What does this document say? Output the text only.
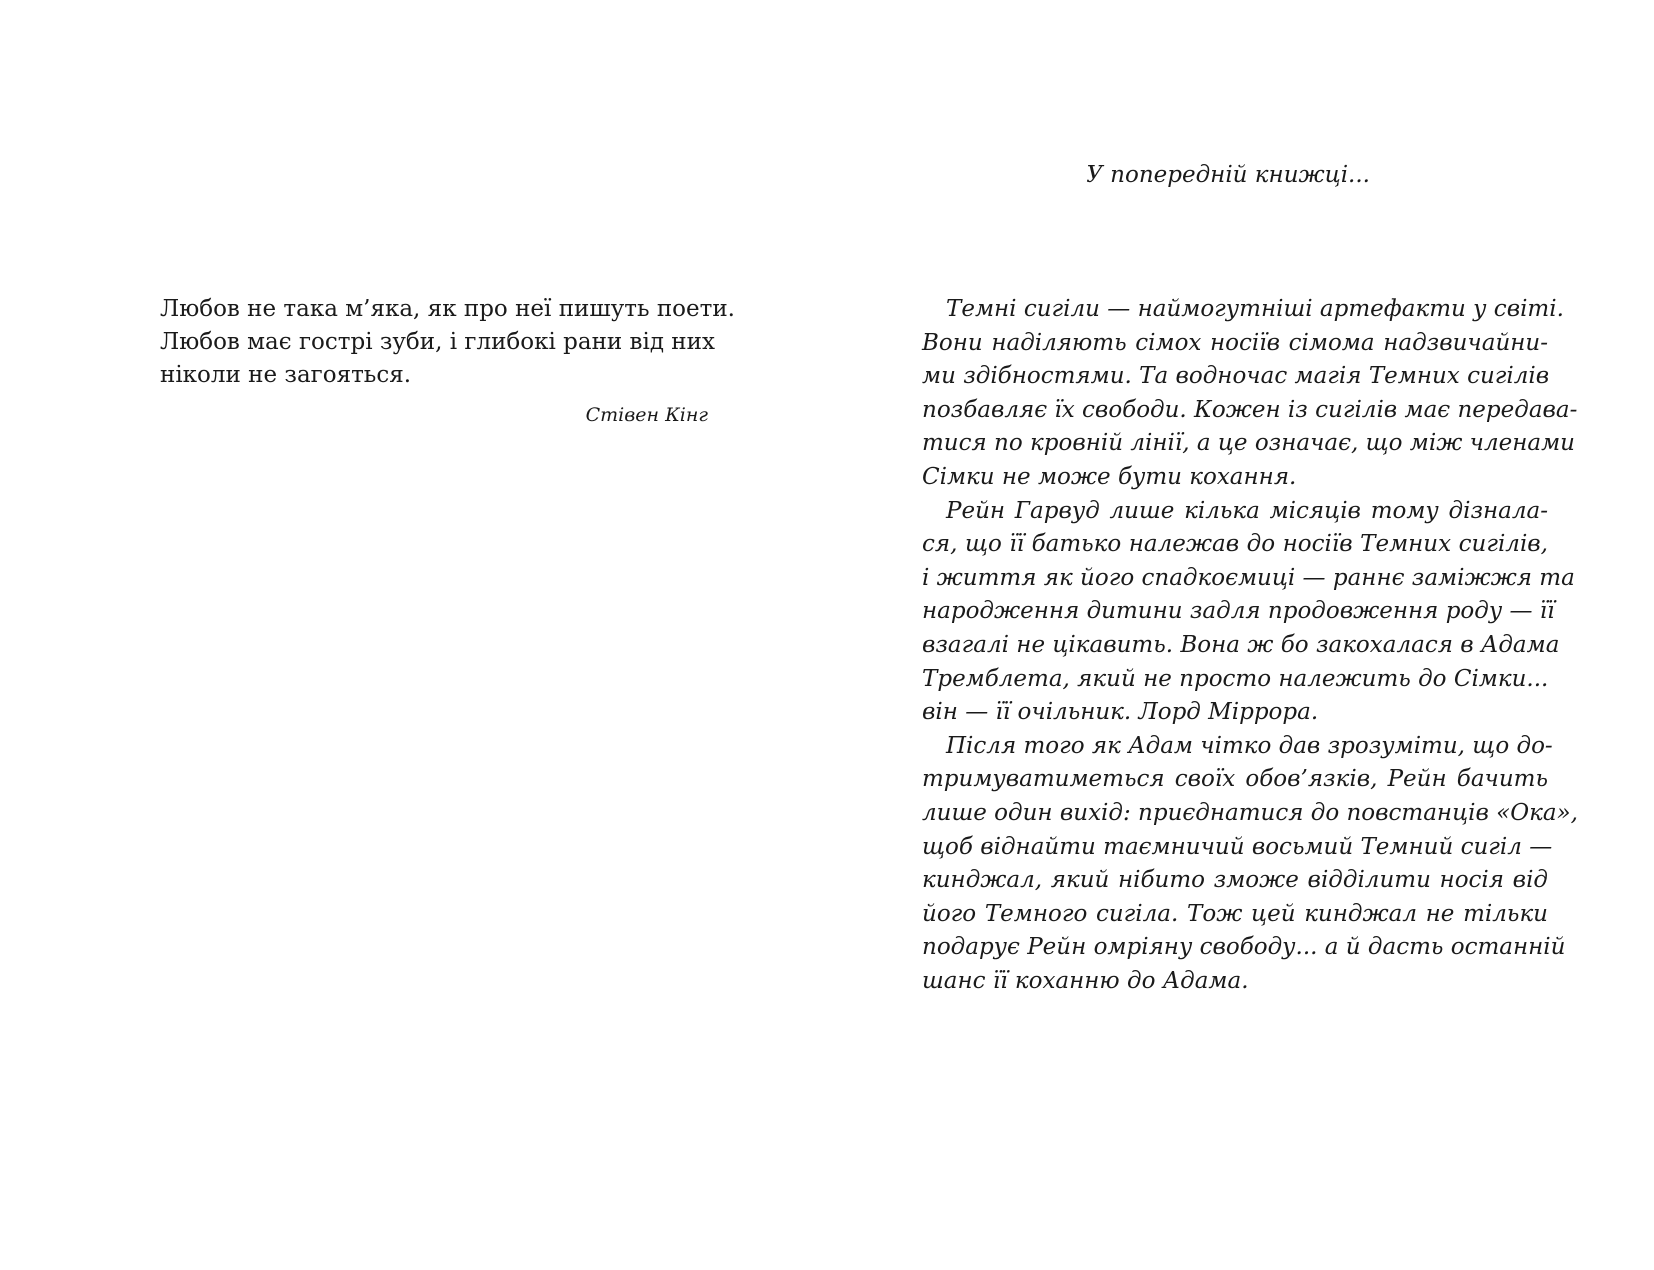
Любов не така м’яка, як про неї пишуть поети.
Любов має гострі зуби, і глибокі рани від них
ніколи не загояться.
Стівен Кінг
У попередній книжці...
Темні сигіли — наймогутніші артефакти у світі.
Вони наділяють сімох носіїв сімома надзвичайни-
ми здібностями. Та водночас магія Темних сигілів
позбавляє їх свободи. Кожен із сигілів має передава-
тися по кровній лінії, а це означає, що між членами
Сімки не може бути кохання.
Рейн Гарвуд лише кілька місяців тому дізнала-
ся, що її батько належав до носіїв Темних сигілів,
і життя як його спадкоємиці — раннє заміжжя та
народження дитини задля продовження роду — її
взагалі не цікавить. Вона ж бо закохалася в Адама
Тремблета, який не просто належить до Сімки...
він — її очільник. Лорд Міррора.
Після того як Адам чітко дав зрозуміти, що до-
тримуватиметься своїх обов’язків, Рейн бачить
лише один вихід: приєднатися до повстанців «Ока»,
щоб віднайти таємничий восьмий Темний сигіл —
кинджал, який нібито зможе відділити носія від
його Темного сигіла. Тож цей кинджал не тільки
подарує Рейн омріяну свободу... а й дасть останній
шанс її коханню до Адама.
